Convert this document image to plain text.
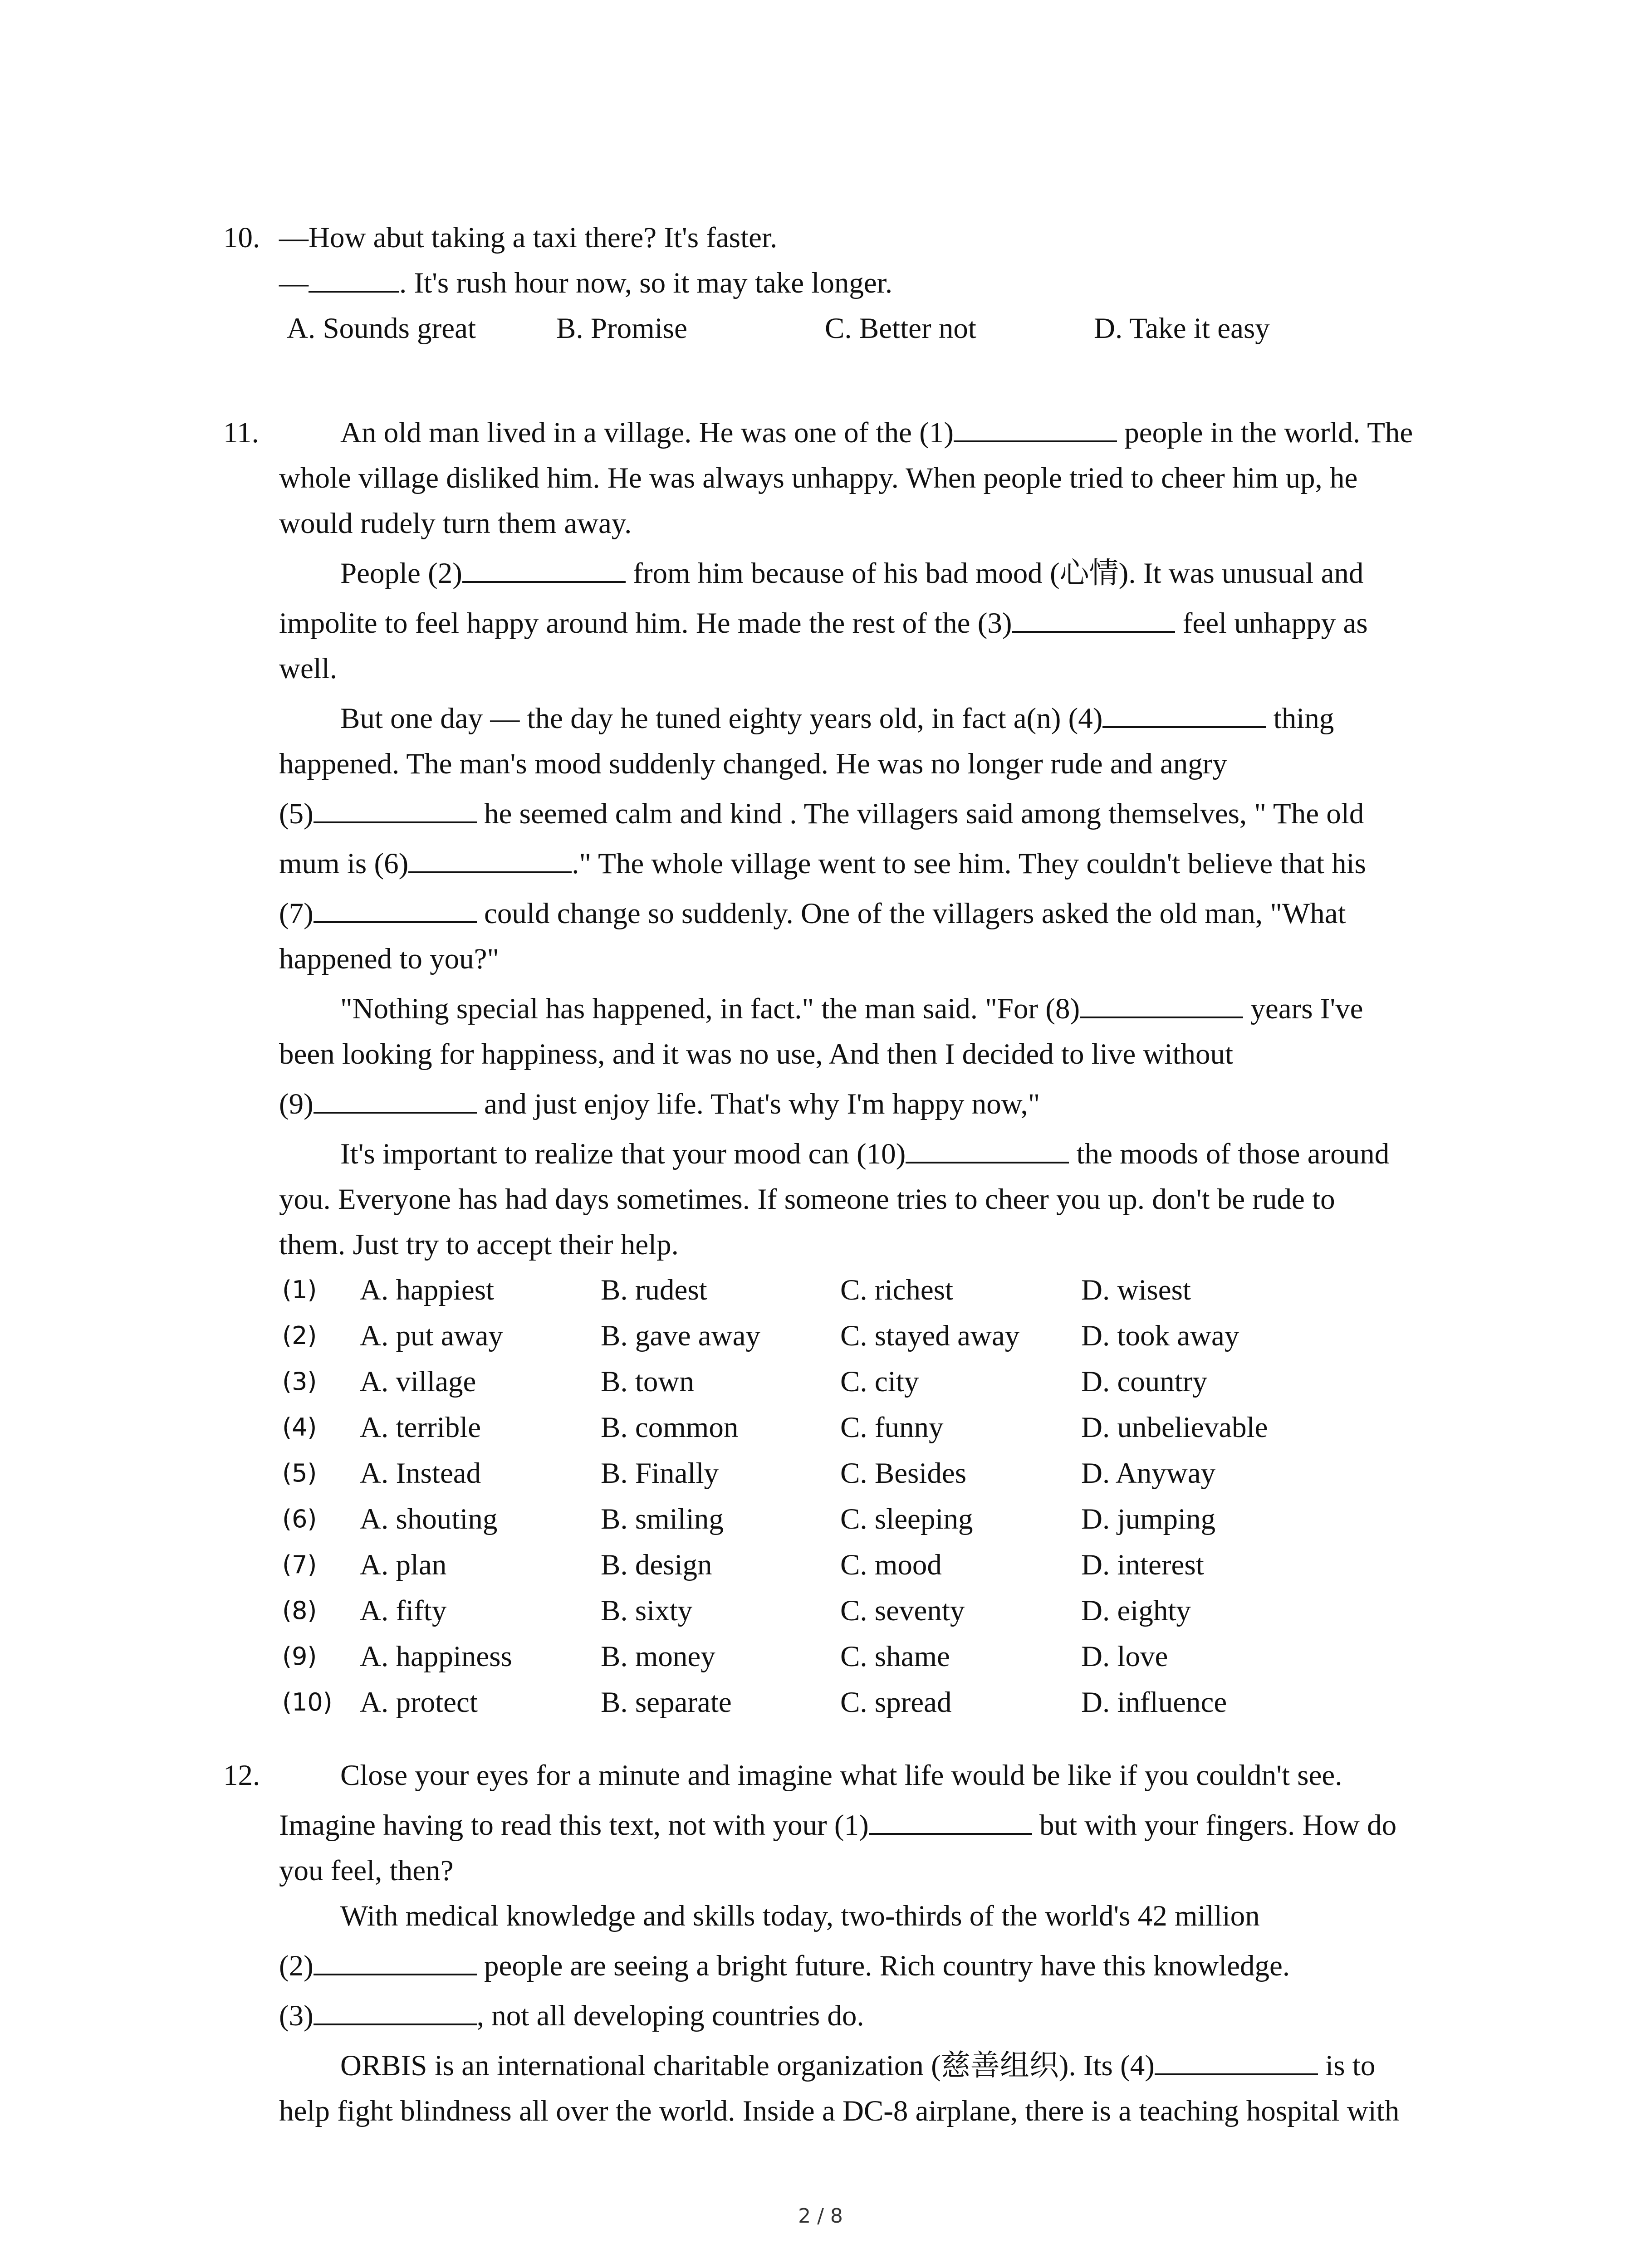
10. —How abut taking a taxi there? It's faster.
—	. It's rush hour now, so it may take longer.
A. Sounds great	B. Promise	C. Better not	D. Take it easy
11.	An old man lived in a village. He was one of the (1)	people in the world. The
whole village disliked him. He was always unhappy. When people tried to cheer him up, he
would rudely turn them away.
People (2)	from him because of his bad mood (心情). It was unusual and
impolite to feel happy around him. He made the rest of the (3)	feel unhappy as
well.
But one day — the day he tuned eighty years old, in fact a(n) (4)	thing
happened. The man's mood suddenly changed. He was no longer rude and angry
(5)	he seemed calm and kind . The villagers said among themselves, " The old
mum is (6)	." The whole village went to see him. They couldn't believe that his
(7)	could change so suddenly. One of the villagers asked the old man, "What
happened to you?"
"Nothing special has happened, in fact." the man said. "For (8)	years I've
been looking for happiness, and it was no use, And then I decided to live without
(9)	and just enjoy life. That's why I'm happy now,"
It's important to realize that your mood can (10)	the moods of those around
you. Everyone has had days sometimes. If someone tries to cheer you up. don't be rude to
them. Just try to accept their help.
(1) A. happiest	B. rudest	C. richest	D. wisest
(2) A. put away	B. gave away	C. stayed away D. took away
(3) A. village	B. town	C. city	D. country
(4) A. terrible	B. common	C. funny	D. unbelievable
(5) A. Instead	B. Finally	C. Besides	D. Anyway
(6) A. shouting	B. smiling	C. sleeping	D. jumping
(7) A. plan	B. design	C. mood	D. interest
(8) A. fifty	B. sixty	C. seventy	D. eighty
(9) A. happiness	B. money	C. shame	D. love
(10) A. protect	B. separate	C. spread	D. influence
12.	Close your eyes for a minute and imagine what life would be like if you couldn't see.
Imagine having to read this text, not with your (1)	but with your fingers. How do
you feel, then?
With medical knowledge and skills today, two-thirds of the world's 42 million
(2)	people are seeing a bright future. Rich country have this knowledge.
(3)	, not all developing countries do.
ORBIS is an international charitable organization (慈善组织). Its (4)	is to
help fight blindness all over the world. Inside a DC-8 airplane, there is a teaching hospital with
2 / 8
